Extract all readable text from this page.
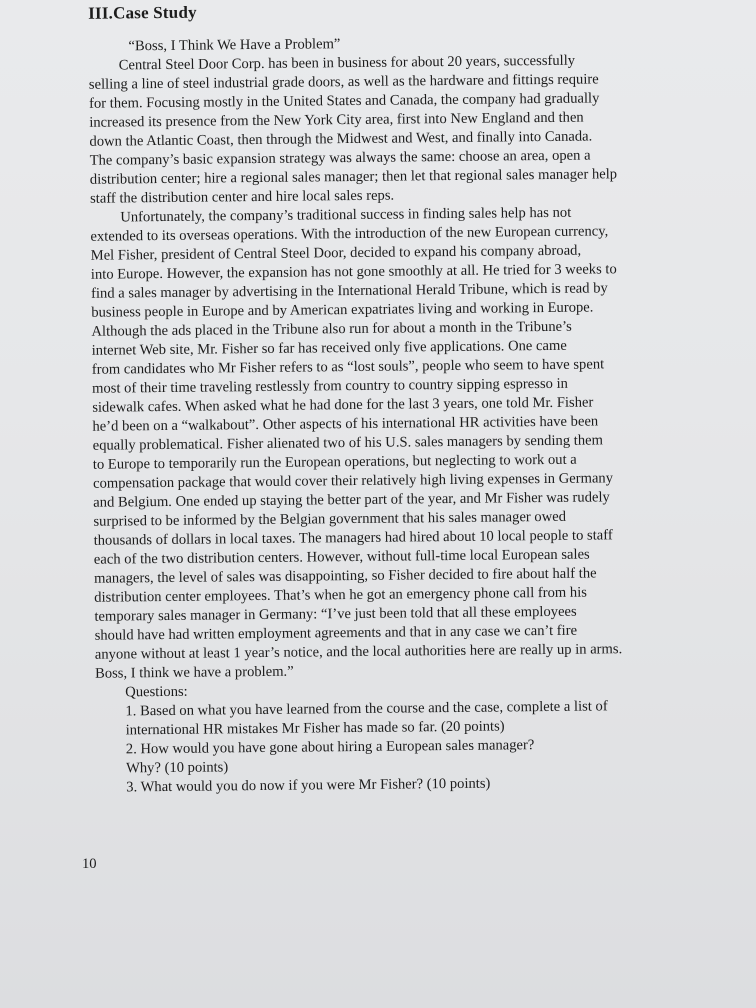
III.Case Study
“Boss, I Think We Have a Problem”
Central Steel Door Corp. has been in business for about 20 years, successfully
selling a line of steel industrial grade doors, as well as the hardware and fittings require
for them. Focusing mostly in the United States and Canada, the company had gradually
increased its presence from the New York City area, first into New England and then
down the Atlantic Coast, then through the Midwest and West, and finally into Canada.
The company’s basic expansion strategy was always the same: choose an area, open a
distribution center; hire a regional sales manager; then let that regional sales manager help
staff the distribution center and hire local sales reps.
Unfortunately, the company’s traditional success in finding sales help has not
extended to its overseas operations. With the introduction of the new European currency,
Mel Fisher, president of Central Steel Door, decided to expand his company abroad,
into Europe. However, the expansion has not gone smoothly at all. He tried for 3 weeks to
find a sales manager by advertising in the International Herald Tribune, which is read by
business people in Europe and by American expatriates living and working in Europe.
Although the ads placed in the Tribune also run for about a month in the Tribune’s
internet Web site, Mr. Fisher so far has received only five applications. One came
from candidates who Mr Fisher refers to as “lost souls”, people who seem to have spent
most of their time traveling restlessly from country to country sipping espresso in
sidewalk cafes. When asked what he had done for the last 3 years, one told Mr. Fisher
he’d been on a “walkabout”. Other aspects of his international HR activities have been
equally problematical. Fisher alienated two of his U.S. sales managers by sending them
to Europe to temporarily run the European operations, but neglecting to work out a
compensation package that would cover their relatively high living expenses in Germany
and Belgium. One ended up staying the better part of the year, and Mr Fisher was rudely
surprised to be informed by the Belgian government that his sales manager owed
thousands of dollars in local taxes. The managers had hired about 10 local people to staff
each of the two distribution centers. However, without full-time local European sales
managers, the level of sales was disappointing, so Fisher decided to fire about half the
distribution center employees. That’s when he got an emergency phone call from his
temporary sales manager in Germany: “I’ve just been told that all these employees
should have had written employment agreements and that in any case we can’t fire
anyone without at least 1 year’s notice, and the local authorities here are really up in arms.
Boss, I think we have a problem.”
Questions:
1. Based on what you have learned from the course and the case, complete a list of
international HR mistakes Mr Fisher has made so far. (20 points)
2. How would you have gone about hiring a European sales manager?
Why? (10 points)
3. What would you do now if you were Mr Fisher? (10 points)
10
